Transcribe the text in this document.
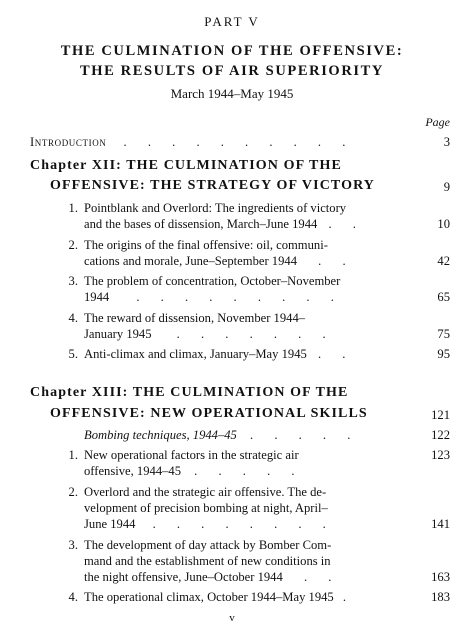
PART V
THE CULMINATION OF THE OFFENSIVE:
THE RESULTS OF AIR SUPERIORITY
March 1944–May 1945
Page
Introduction . . . . . . . . . .	3
Chapter XII: THE CULMINATION OF THE
OFFENSIVE: THE STRATEGY OF VICTORY	9
1. Pointblank and Overlord: The ingredients of victory
and the bases of dissension, March–June 1944 . .	10
2. The origins of the final offensive: oil, communi-
cations and morale, June–September 1944 . .	42
3. The problem of concentration, October–November
1944 . . . . . . . . .	65
4. The reward of dissension, November 1944–
January 1945 . . . . . . .	75
5. Anti-climax and climax, January–May 1945 . .	95
Chapter XIII: THE CULMINATION OF THE
OFFENSIVE: NEW OPERATIONAL SKILLS	121
Bombing techniques, 1944–45 . . . . .	122
1. New operational factors in the strategic air	123
offensive, 1944–45 . . . . .
2. Overlord and the strategic air offensive. The de-
velopment of precision bombing at night, April–
June 1944 . . . . . . . .	141
3. The development of day attack by Bomber Com-
mand and the establishment of new conditions in
the night offensive, June–October 1944 . .	163
4. The operational climax, October 1944–May 1945 .	183
v
